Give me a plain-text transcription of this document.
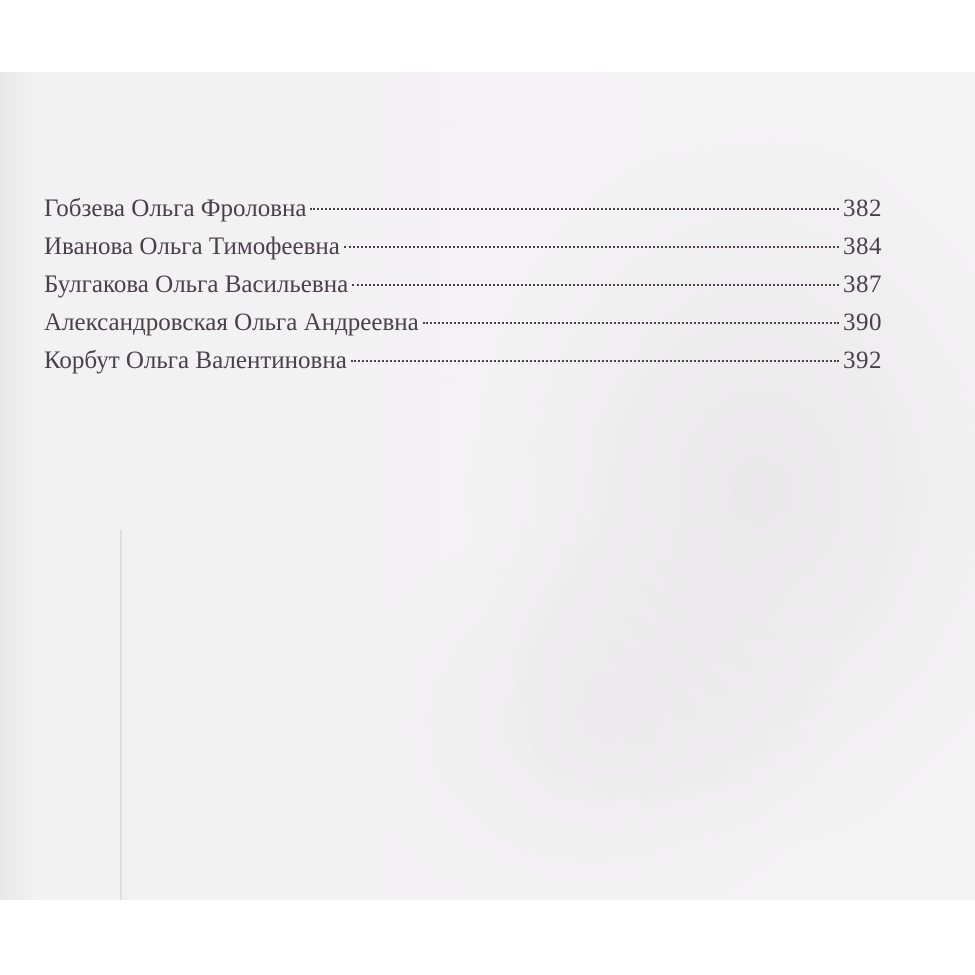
Гобзева Ольга Фроловна	382
Иванова Ольга Тимофеевна	384
Булгакова Ольга Васильевна	387
Александровская Ольга Андреевна	390
Корбут Ольга Валентиновна	392
